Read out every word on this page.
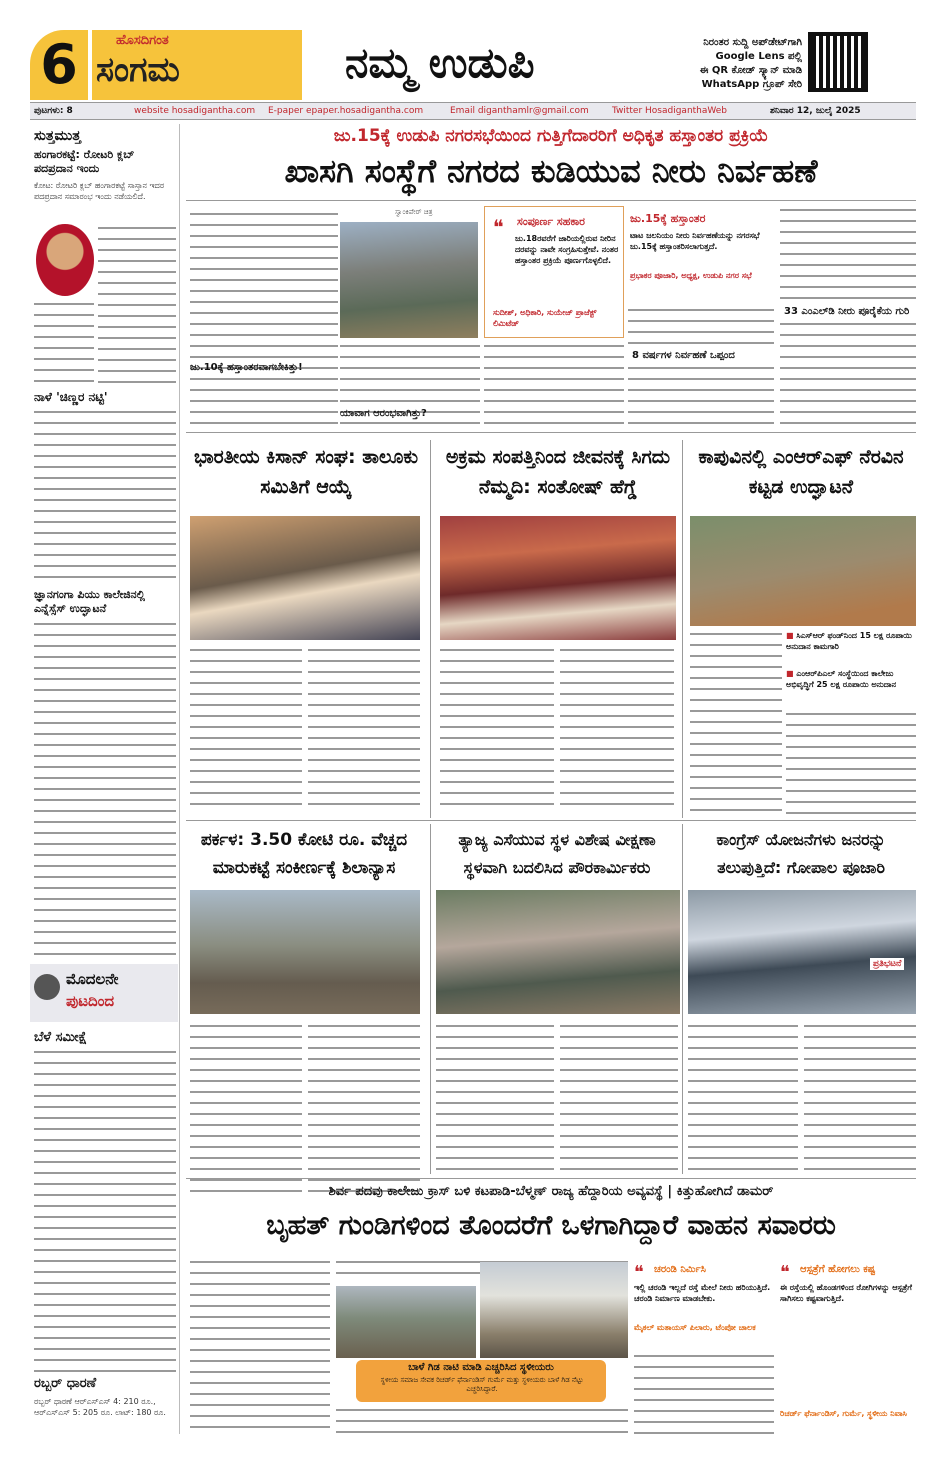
6	ಹೊಸದಿಗಂತ
ಸಂಗಮ	ನಮ್ಮ ಉಡುಪಿ	ನಿರಂತರ ಸುದ್ದಿ ಅಪ್‌ಡೇಟ್‌ಗಾಗಿ
Google Lens ಪಲ್ಲಿ
ಈ QR ಕೋಡ್ ಸ್ಕ್ಯಾನ್ ಮಾಡಿ
WhatsApp ಗ್ರೂಪ್ ಸೇರಿ
ಪುಟಗಳು: 8	website hosadigantha.com E-paper epaper.hosadigantha.com	Email diganthamlr@gmail.com	Twitter HosadiganthaWeb	ಶನಿವಾರ 12, ಜುಲೈ 2025
ಸುತ್ತಮುತ್ತ
ಹಂಗಾರಕಟ್ಟೆ: ರೋಟರಿ ಕ್ಲಬ್ ಪದಪ್ರದಾನ ಇಂದು
ಕೋಟ: ರೋಟರಿ ಕ್ಲಬ್ ಹಂಗಾರಕಟ್ಟೆ ಸಾಸ್ತಾನ ಇದರ ಪದಪ್ರದಾನ ಸಮಾರಂಭ ಇಂದು ನಡೆಯಲಿದೆ.
ನಾಳೆ 'ಚಿಣ್ಣರ ನಟ್ಟಿ'
ಜ್ಞಾನಗಂಗಾ ಪಿಯು ಕಾಲೇಜಿನಲ್ಲಿ ಎನ್ನೆಸ್ಸೆಸ್ ಉದ್ಘಾಟನೆ
ಮೊದಲನೇ
ಪುಟದಿಂದ
ಬೆಳೆ ಸಮೀಕ್ಷೆ
ರಬ್ಬರ್ ಧಾರಣೆ
ರಬ್ಬರ್ ಧಾರಣೆ ಆರ್‌ಎಸ್‌ಎಸ್ 4: 210 ರೂ., ಆರ್‌ಎಸ್‌ಎಸ್ 5: 205 ರೂ. ಲಾಟ್: 180 ರೂ.
ಜು.15ಕ್ಕೆ ಉಡುಪಿ ನಗರಸಭೆಯಿಂದ ಗುತ್ತಿಗೆದಾರರಿಗೆ ಅಧಿಕೃತ ಹಸ್ತಾಂತರ ಪ್ರಕ್ರಿಯೆ
ಖಾಸಗಿ ಸಂಸ್ಥೆಗೆ ನಗರದ ಕುಡಿಯುವ ನೀರು ನಿರ್ವಹಣೆ
ಸ್ವಾಂಕಿಪೇರ್ ಚಿತ್ರ
ಜು.10ಕ್ಕೆ ಹಸ್ತಾಂತರವಾಗಬೇಕಿತ್ತು!
ಯಾವಾಗ ಆರಂಭವಾಗಿತ್ತು?
❝ ಸಂಪೂರ್ಣ ಸಹಕಾರ
ಜು.18ರವರೆಗೆ ಜಾರಿಯಲ್ಲಿರುವ ನೀರಿನ ದರವನ್ನು ನಾವೇ ಸಂಗ್ರಹಿಸುತ್ತೇವೆ. ನಂತರ ಹಸ್ತಾಂತರ ಪ್ರಕ್ರಿಯೆ ಪೂರ್ಣಗೊಳ್ಳಲಿದೆ.
ಸುದೀಶ್, ಅಧಿಕಾರಿ, ಸುಯೇಜ್ ಪ್ರಾಜೆಕ್ಟ್ ಲಿಮಿಟೆಡ್
ಜು.15ಕ್ಕೆ ಹಸ್ತಾಂತರ
ಟಾಟ ಜಲನಿಯಂ ನೀರು ನಿರ್ವಹಣೆಯನ್ನು ನಗರಸಭೆ ಜು.15ಕ್ಕೆ ಹಸ್ತಾಂತರಿಸಲಾಗುತ್ತದೆ.
ಪ್ರಭಾಕರ ಪೂಜಾರಿ, ಅಧ್ಯಕ್ಷ, ಉಡುಪಿ ನಗರ ಸಭೆ
8 ವರ್ಷಗಳ ನಿರ್ವಹಣೆ ಒಪ್ಪಂದ
33 ಎಂಎಲ್‌ಡಿ ನೀರು ಪೂರೈಕೆಯ ಗುರಿ
ಭಾರತೀಯ ಕಿಸಾನ್ ಸಂಘ: ತಾಲೂಕು ಸಮಿತಿಗೆ ಆಯ್ಕೆ
ಅಕ್ರಮ ಸಂಪತ್ತಿನಿಂದ ಜೀವನಕ್ಕೆ ಸಿಗದು ನೆಮ್ಮದಿ: ಸಂತೋಷ್ ಹೆಗ್ಡೆ
ಕಾಪುವಿನಲ್ಲಿ ಎಂಆರ್‌ಎಫ್ ನೆರವಿನ ಕಟ್ಟಡ ಉದ್ಘಾಟನೆ
■ ಸಿಎಸ್‌ಆರ್ ಫಂಡ್‌ನಿಂದ 15 ಲಕ್ಷ ರೂಪಾಯಿ ಅನುದಾನ ಕಾಮಗಾರಿ
■ ಎಂಆರ್‌ಪಿಎಲ್ ಸಂಸ್ಥೆಯಿಂದ ಕಾಲೇಜು ಅಭಿವೃದ್ಧಿಗೆ 25 ಲಕ್ಷ ರೂಪಾಯಿ ಅನುದಾನ
ಪರ್ಕಳ: 3.50 ಕೋಟಿ ರೂ. ವೆಚ್ಚದ ಮಾರುಕಟ್ಟೆ ಸಂಕೀರ್ಣಕ್ಕೆ ಶಿಲಾನ್ಯಾಸ
ತ್ಯಾಜ್ಯ ಎಸೆಯುವ ಸ್ಥಳ ವಿಶೇಷ ವೀಕ್ಷಣಾ ಸ್ಥಳವಾಗಿ ಬದಲಿಸಿದ ಪೌರಕಾರ್ಮಿಕರು
ಕಾಂಗ್ರೆಸ್ ಯೋಜನೆಗಳು ಜನರನ್ನು ತಲುಪುತ್ತಿದೆ: ಗೋಪಾಲ ಪೂಜಾರಿ
ಪ್ರತಿಭಟನೆ
ಶಿರ್ವ ಪದವು ಕಾಲೇಜು ಕ್ರಾಸ್ ಬಳಿ ಕಟಪಾಡಿ-ಬೆಳ್ಮಣ್ ರಾಜ್ಯ ಹೆದ್ದಾರಿಯ ಅವ್ಯವಸ್ಥೆ | ಕಿತ್ತುಹೋಗಿದೆ ಡಾಮರ್
ಬೃಹತ್ ಗುಂಡಿಗಳಿಂದ ತೊಂದರೆಗೆ ಒಳಗಾಗಿದ್ದಾರೆ ವಾಹನ ಸವಾರರು
ಬಾಳೆ ಗಿಡ ನಾಟಿ ಮಾಡಿ ಎಚ್ಚರಿಸಿದ ಸ್ಥಳೀಯರು
ಸ್ಥಳೀಯ ಸಮಾಜ ಸೇವಕ ರಿಚರ್ಡ್ ಫೆರ್ನಾಂಡಿಸ್ ಗುರ್ಮೆ ಮತ್ತು ಸ್ಥಳೀಯರು ಬಾಳೆ ಗಿಡ ನೆಟ್ಟು ಎಚ್ಚರಿಸಿದ್ದಾರೆ.
❝ ಚರಂಡಿ ನಿರ್ಮಿಸಿ
ಇಲ್ಲಿ ಚರಂಡಿ ಇಲ್ಲದೆ ರಸ್ತೆ ಮೇಲೆ ನೀರು ಹರಿಯುತ್ತಿದೆ. ಚರಂಡಿ ನಿರ್ಮಾಣ ಮಾಡಬೇಕು.
ಮೈಕಲ್ ಮತಾಯಸ್ ಪಿಲಾರು, ಟೆಂಪೋ ಚಾಲಕ
❝ ಆಸ್ಪತ್ರೆಗೆ ಹೋಗಲು ಕಷ್ಟ
ಈ ರಸ್ತೆಯಲ್ಲಿ ಹೊಂಡಗಳಿಂದ ರೋಗಿಗಳನ್ನು ಆಸ್ಪತ್ರೆಗೆ ಸಾಗಿಸಲು ಕಷ್ಟವಾಗುತ್ತಿದೆ.
ರಿಚರ್ಡ್ ಫೆರ್ನಾಂಡಿಸ್, ಗುರ್ಮೆ, ಸ್ಥಳೀಯ ನಿವಾಸಿ
